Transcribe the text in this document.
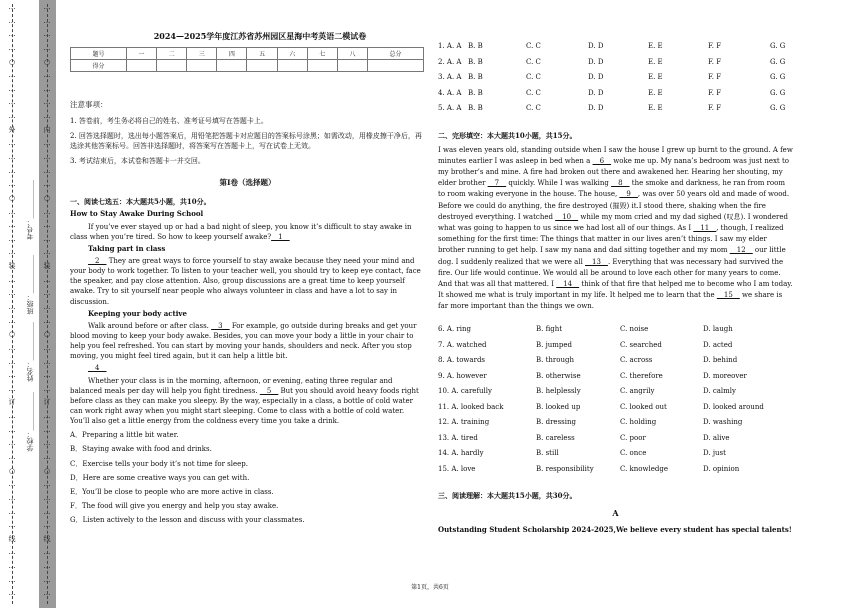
…
…
…
…
○
…
…
…
…
外
…
…
…
…
○
…
…
…
…
装
…
…
…
…
○
…
…
…
…
订
…
…
…
…
○
…
…
…
…
线
…
…
…
…
…
…
…
…
○
…
…
…
…
内
…
…
…
…
○
…
…
…
…
装
…
…
…
…
○
…
…
…
…
订
…
…
…
…
○
…
…
…
…
线
…
…
…
…
学校：___________
姓名：___________
班级：___________
考号：___________
2024—2025学年度江苏省苏州园区星海中考英语二模试卷
题号	一	二	三	四	五	六	七	八	总分
得分									
注意事项：
1. 答卷前，考生务必将自己的姓名、准考证号填写在答题卡上。
2. 回答选择题时，选出每小题答案后，用铅笔把答题卡对应题目的答案标号涂黑；如需改动，用橡皮擦干净后，再选涂其他答案标号。回答非选择题时，将答案写在答题卡上，写在试卷上无效。
3. 考试结束后，本试卷和答题卡一并交回。
第I卷（选择题）
一、阅读七选五：本大题共5小题，共10分。
How to Stay Awake During School

If you’ve ever stayed up or had a bad night of sleep, you know it’s difficult to stay awake in class when you’re tired. So how to keep yourself awake?__1__

Taking part in class

__2__ They are great ways to force yourself to stay awake because they need your mind and your body to work together. To listen to your teacher well, you should try to keep eye contact, face the speaker, and pay close attention. Also, group discussions are a great time to keep yourself awake. Try to sit yourself near people who always volunteer in class and have a lot to say in discussion.

Keeping your body active

Walk around before or after class. __3__ For example, go outside during breaks and get your blood moving to keep your body awake. Besides, you can move your body a little in your chair to help you feel refreshed. You can start by moving your hands, shoulders and neck. After you stop moving, you might feel tired again, but it can help a little bit.

__4__

Whether your class is in the morning, afternoon, or evening, eating three regular and balanced meals per day will help you fight tiredness. __5__ But you should avoid heavy foods right before class as they can make you sleepy. By the way, especially in a class, a bottle of cold water can work right away when you might start sleeping. Come to class with a bottle of cold water. You’ll also get a little energy from the coldness every time you take a drink.

A．Preparing a little bit water.
B．Staying awake with food and drinks.
C．Exercise tells your body it’s not time for sleep.
D．Here are some creative ways you can get with.
E．You’ll be close to people who are more active in class.
F．The food will give you energy and help you stay awake.
G．Listen actively to the lesson and discuss with your classmates.
1. A. A B. B	C. C	D. D	E. E	F. F	G. G
2. A. A B. B	C. C	D. D	E. E	F. F	G. G
3. A. A B. B	C. C	D. D	E. E	F. F	G. G
4. A. A B. B	C. C	D. D	E. E	F. F	G. G
5. A. A B. B	C. C	D. D	E. E	F. F	G. G
二、完形填空：本大题共10小题，共15分。

I was eleven years old, standing outside when I saw the house I grew up burnt to the ground. A few minutes earlier I was asleep in bed when a __6__ woke me up. My nana’s bedroom was just next to my brother’s and mine. A fire had broken out there and awakened her. Hearing her shouting, my elder brother __7__ quickly. While I was walking __8__ the smoke and darkness, he ran from room to room waking everyone in the house. The house, __9__, was over 50 years old and made of wood. Before we could do anything, the fire destroyed (摧毁) it.I stood there, shaking when the fire destroyed everything. I watched __10__ while my mom cried and my dad sighed (叹息). I wondered what was going to happen to us since we had lost all of our things. As I __11__, though, I realized something for the first time: The things that matter in our lives aren’t things. I saw my elder brother running to get help. I saw my nana and dad sitting together and my mom __12__ our little dog. I suddenly realized that we were all __13__. Everything that was necessary had survived the fire. Our life would continue. We would all be around to love each other for many years to come. And that was all that mattered. I __14__ think of that fire that helped me to become who I am today. It showed me what is truly important in my life. It helped me to learn that the __15__ we share is far more important than the things we own.

6. A. ring	B. fight	C. noise	D. laugh
7. A. watched	B. jumped	C. searched	D. acted
8. A. towards	B. through	C. across	D. behind
9. A. however	B. otherwise	C. therefore	D. moreover
10. A. carefully	B. helplessly	C. angrily	D. calmly
11. A. looked back	B. looked up	C. looked out	D. looked around
12. A. training	B. dressing	C. holding	D. washing
13. A. tired	B. careless	C. poor	D. alive
14. A. hardly	B. still	C. once	D. just
15. A. love	B. responsibility	C. knowledge	D. opinion
三、阅读理解：本大题共15小题，共30分。
A
Outstanding Student Scholarship 2024-2025,We believe every student has special talents!
第1页，共6页
